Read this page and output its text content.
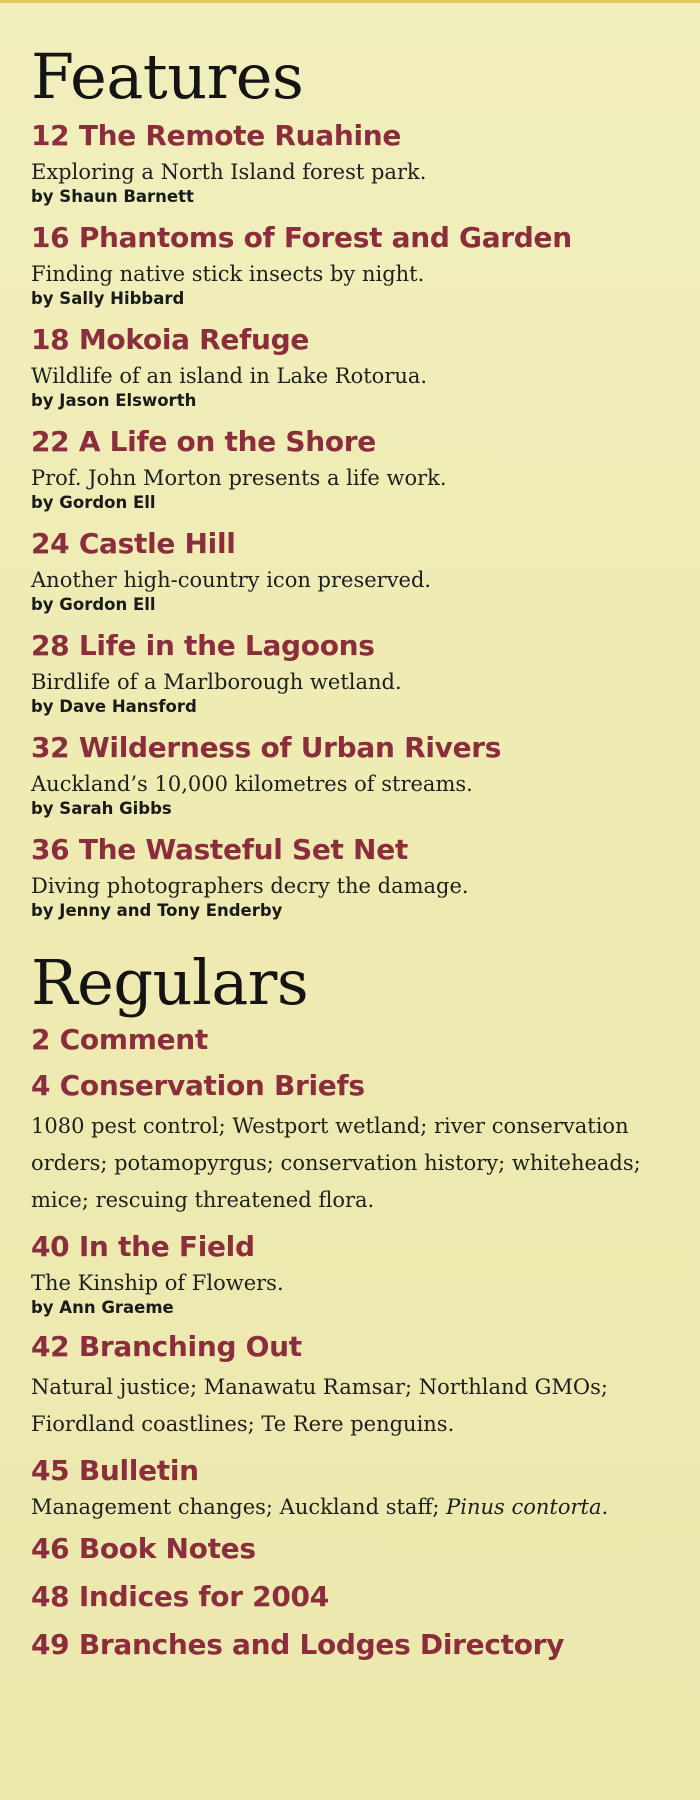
Features
12 The Remote Ruahine
Exploring a North Island forest park.
by Shaun Barnett
16 Phantoms of Forest and Garden
Finding native stick insects by night.
by Sally Hibbard
18 Mokoia Refuge
Wildlife of an island in Lake Rotorua.
by Jason Elsworth
22 A Life on the Shore
Prof. John Morton presents a life work.
by Gordon Ell
24 Castle Hill
Another high-country icon preserved.
by Gordon Ell
28 Life in the Lagoons
Birdlife of a Marlborough wetland.
by Dave Hansford
32 Wilderness of Urban Rivers
Auckland’s 10,000 kilometres of streams.
by Sarah Gibbs
36 The Wasteful Set Net
Diving photographers decry the damage.
by Jenny and Tony Enderby
Regulars
2 Comment
4 Conservation Briefs
1080 pest control; Westport wetland; river conservation orders; potamopyrgus; conservation history; whiteheads; mice; rescuing threatened flora.
40 In the Field
The Kinship of Flowers.
by Ann Graeme
42 Branching Out
Natural justice; Manawatu Ramsar; Northland GMOs; Fiordland coastlines; Te Rere penguins.
45 Bulletin
Management changes; Auckland staff; Pinus contorta.
46 Book Notes
48 Indices for 2004
49 Branches and Lodges Directory
